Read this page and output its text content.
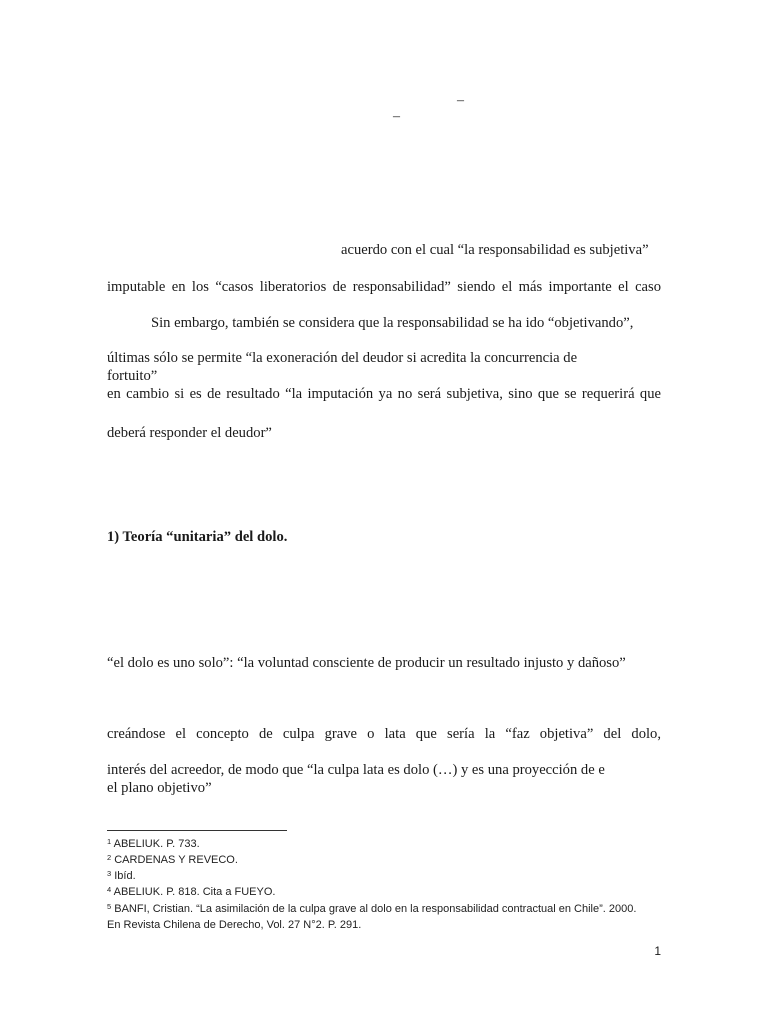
–
–
acuerdo con el cual “la responsabilidad es subjetiva”
imputable en los “casos liberatorios de responsabilidad” siendo el más importante el caso
Sin embargo, también se considera que la responsabilidad se ha ido “objetivando”,
últimas sólo se permite “la exoneración del deudor si acredita la concurrencia de
fortuito”
en cambio si es de resultado “la imputación ya no será subjetiva, sino que se requerirá que
deberá responder el deudor”
1) Teoría “unitaria” del dolo.
“el dolo es uno solo”: “la voluntad consciente de producir un resultado injusto y dañoso”
creándose el concepto de culpa grave o lata que sería la “faz objetiva” del dolo,
interés del acreedor, de modo que “la culpa lata es dolo (…) y es una proyección de e
el plano objetivo”
$^1$ ABELIUK. P. 733.
$^2$ CARDENAS Y REVECO.
$^3$ Ibíd.
$^4$ ABELIUK. P. 818. Cita a FUEYO.
$^5$ BANFI, Cristian. “La asimilación de la culpa grave al dolo en la responsabilidad contractual en Chile”. 2000.
En Revista Chilena de Derecho, Vol. 27 N°2. P. 291.
1
